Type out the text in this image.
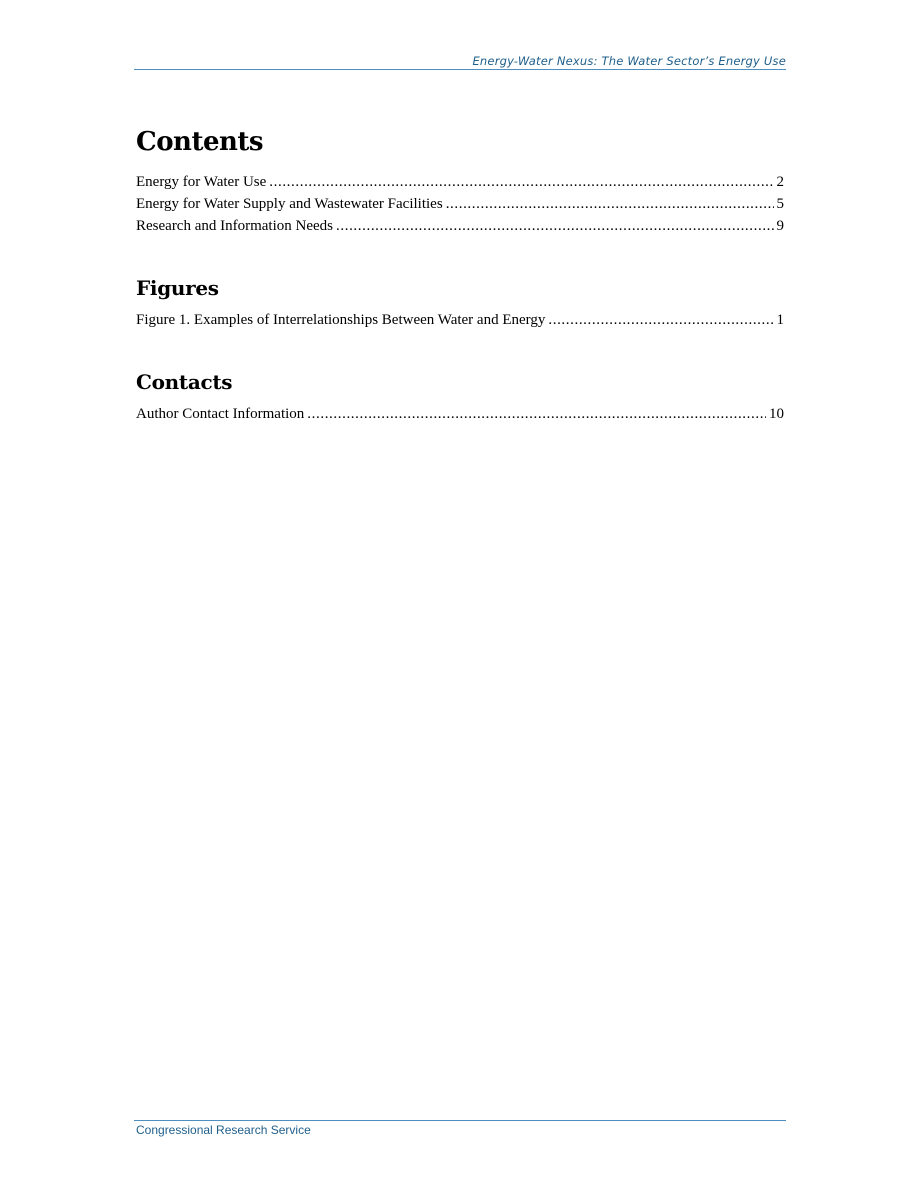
Energy-Water Nexus: The Water Sector’s Energy Use
Contents
Energy for Water Use .....	2
Energy for Water Supply and Wastewater Facilities .....	5
Research and Information Needs .....	9
Figures
Figure 1. Examples of Interrelationships Between Water and Energy .....	1
Contacts
Author Contact Information .....	10
Congressional Research Service
